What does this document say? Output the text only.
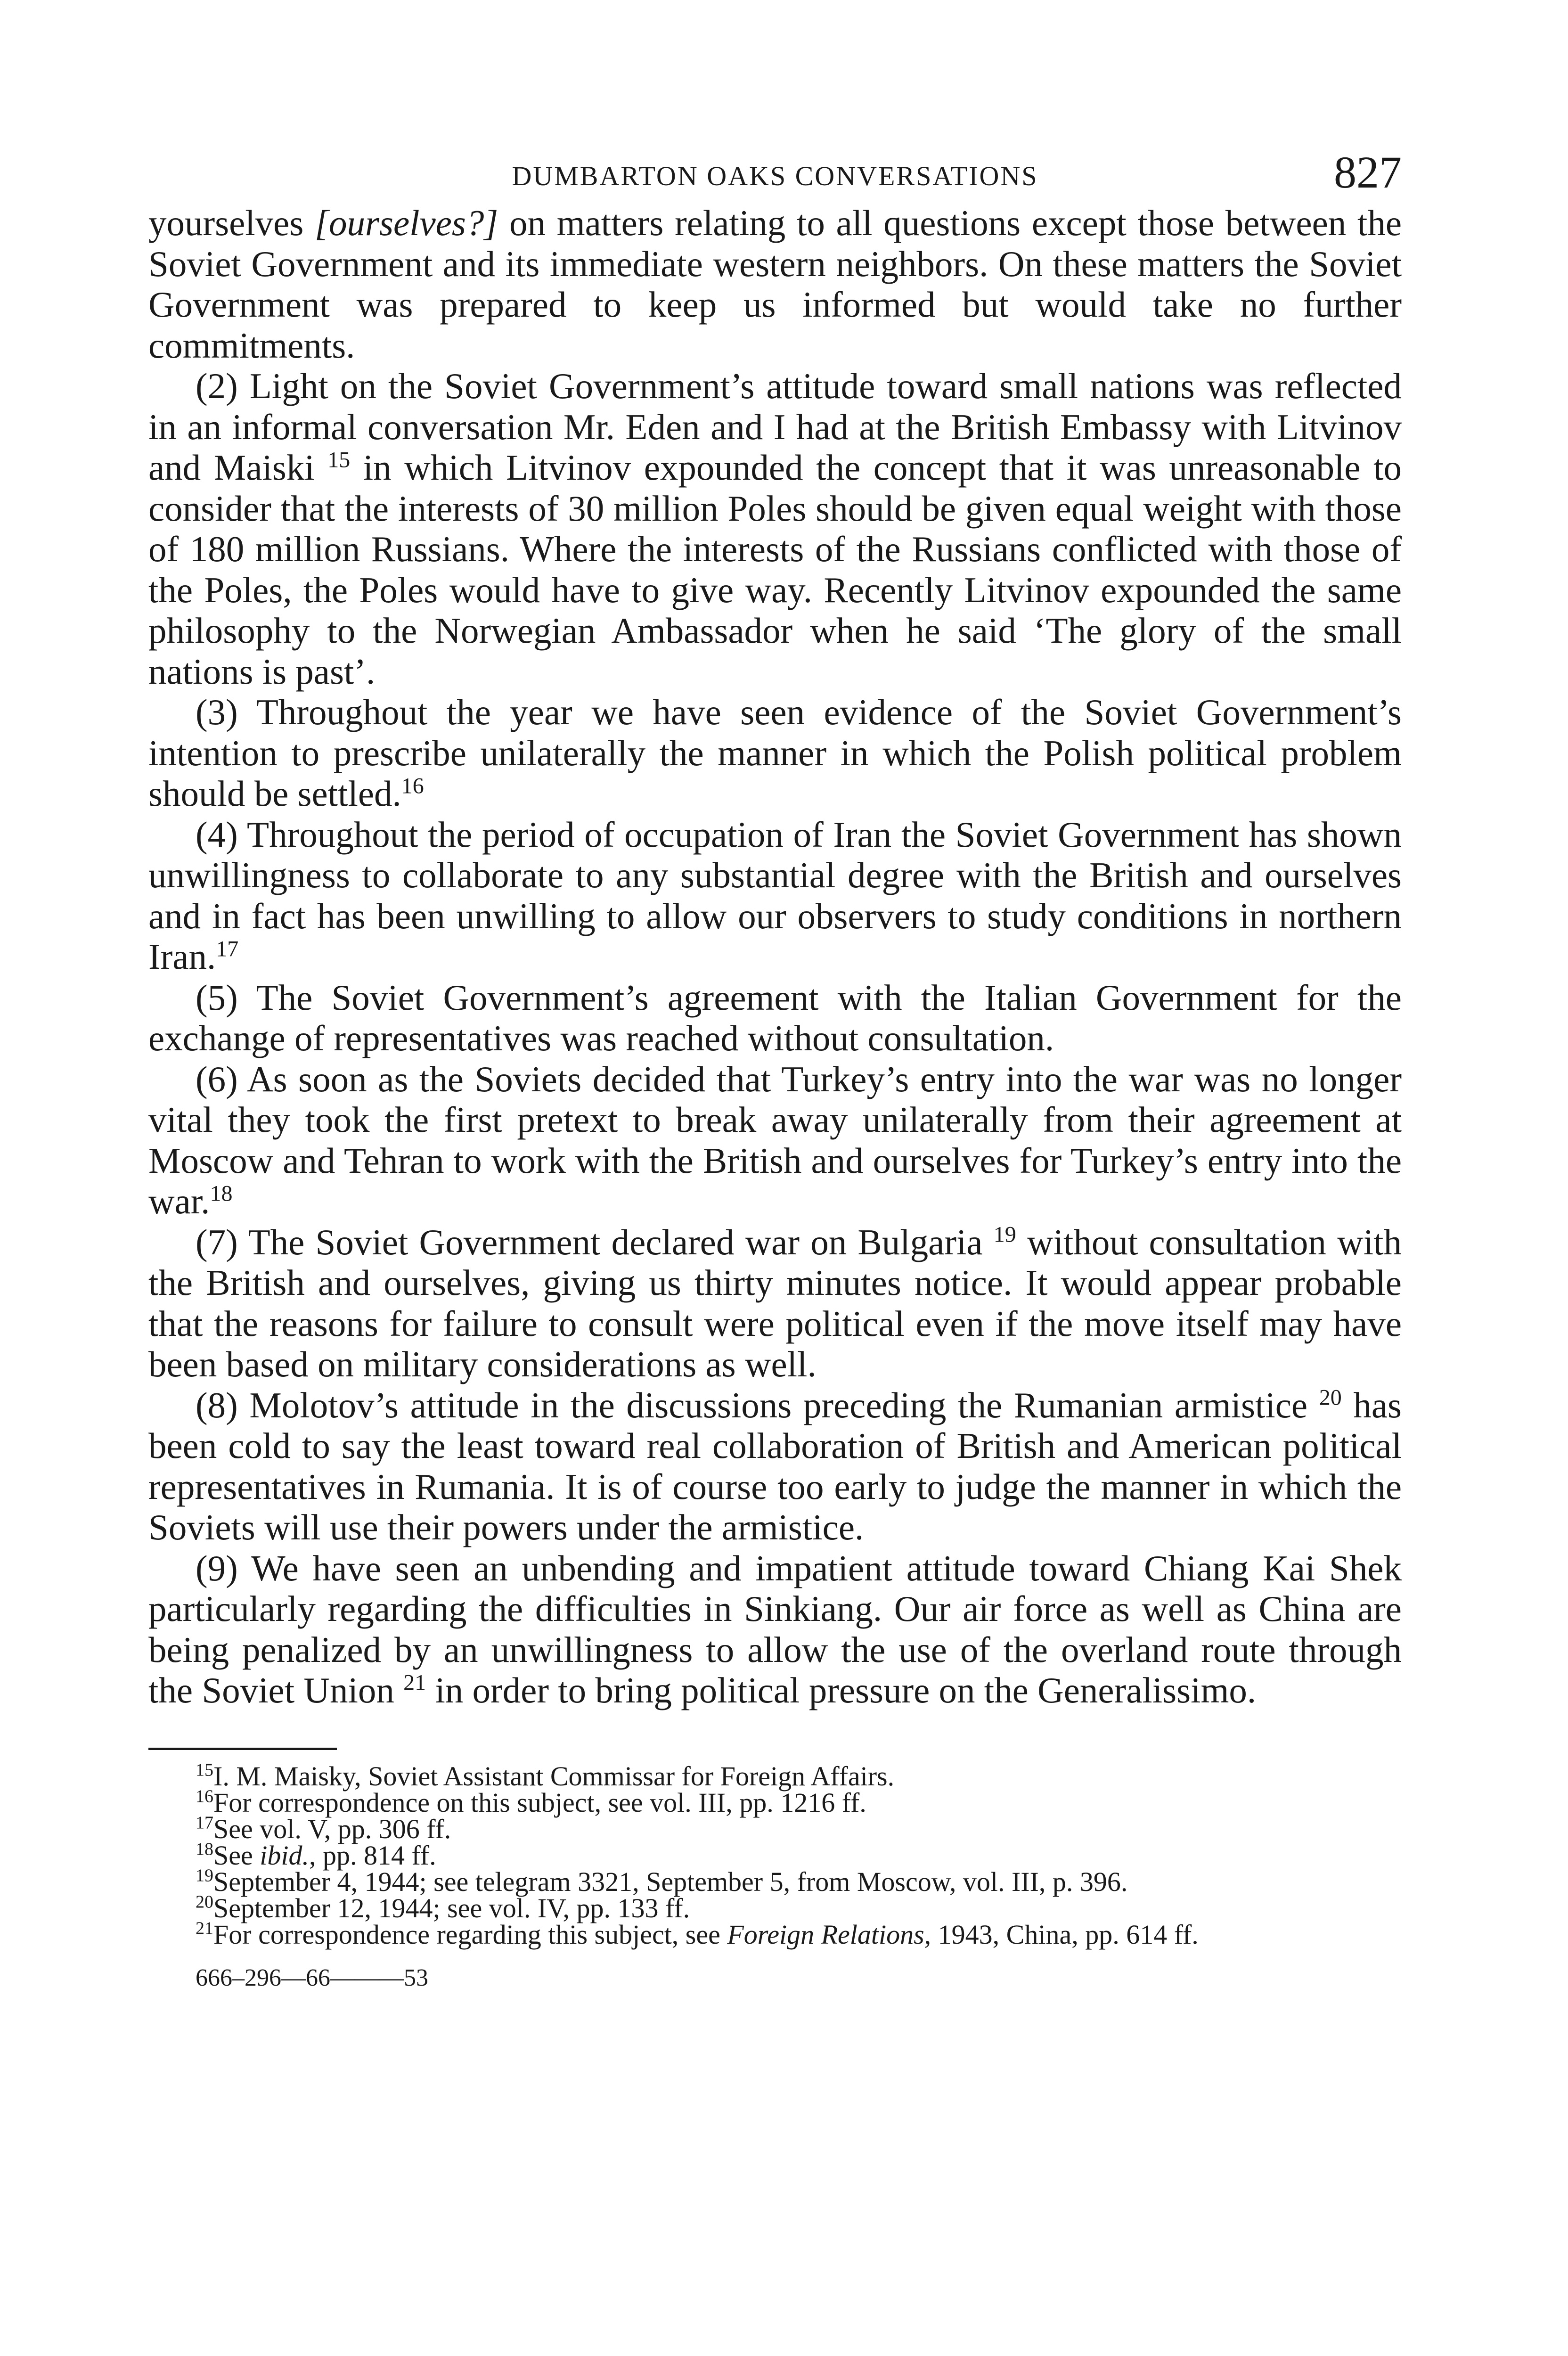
DUMBARTON OAKS CONVERSATIONS	827

yourselves [ourselves?] on matters relating to all questions except those between the Soviet Government and its immediate western neighbors. On these matters the Soviet Government was prepared to keep us informed but would take no further commitments.

(2) Light on the Soviet Government’s attitude toward small nations was reflected in an informal conversation Mr. Eden and I had at the British Embassy with Litvinov and Maiski $^{15}$ in which Litvinov expounded the concept that it was unreasonable to consider that the interests of 30 million Poles should be given equal weight with those of 180 million Russians. Where the interests of the Russians conflicted with those of the Poles, the Poles would have to give way. Recently Litvinov expounded the same philosophy to the Norwegian Ambassador when he said ‘The glory of the small nations is past’.

(3) Throughout the year we have seen evidence of the Soviet Government’s intention to prescribe unilaterally the manner in which the Polish political problem should be settled.$^{16}$

(4) Throughout the period of occupation of Iran the Soviet Government has shown unwillingness to collaborate to any substantial degree with the British and ourselves and in fact has been unwilling to allow our observers to study conditions in northern Iran.$^{17}$

(5) The Soviet Government’s agreement with the Italian Government for the exchange of representatives was reached without consultation.

(6) As soon as the Soviets decided that Turkey’s entry into the war was no longer vital they took the first pretext to break away unilaterally from their agreement at Moscow and Tehran to work with the British and ourselves for Turkey’s entry into the war.$^{18}$

(7) The Soviet Government declared war on Bulgaria $^{19}$ without consultation with the British and ourselves, giving us thirty minutes notice. It would appear probable that the reasons for failure to consult were political even if the move itself may have been based on military considerations as well.

(8) Molotov’s attitude in the discussions preceding the Rumanian armistice $^{20}$ has been cold to say the least toward real collaboration of British and American political representatives in Rumania. It is of course too early to judge the manner in which the Soviets will use their powers under the armistice.

(9) We have seen an unbending and impatient attitude toward Chiang Kai Shek particularly regarding the difficulties in Sinkiang. Our air force as well as China are being penalized by an unwillingness to allow the use of the overland route through the Soviet Union $^{21}$ in order to bring political pressure on the Generalissimo.

$^{15}$I. M. Maisky, Soviet Assistant Commissar for Foreign Affairs.

$^{16}$For correspondence on this subject, see vol. III, pp. 1216 ff.

$^{17}$See vol. V, pp. 306 ff.

$^{18}$See ibid., pp. 814 ff.

$^{19}$September 4, 1944; see telegram 3321, September 5, from Moscow, vol. III, p. 396.

$^{20}$September 12, 1944; see vol. IV, pp. 133 ff.

$^{21}$For correspondence regarding this subject, see Foreign Relations, 1943, China, pp. 614 ff.

666–296—66———53
